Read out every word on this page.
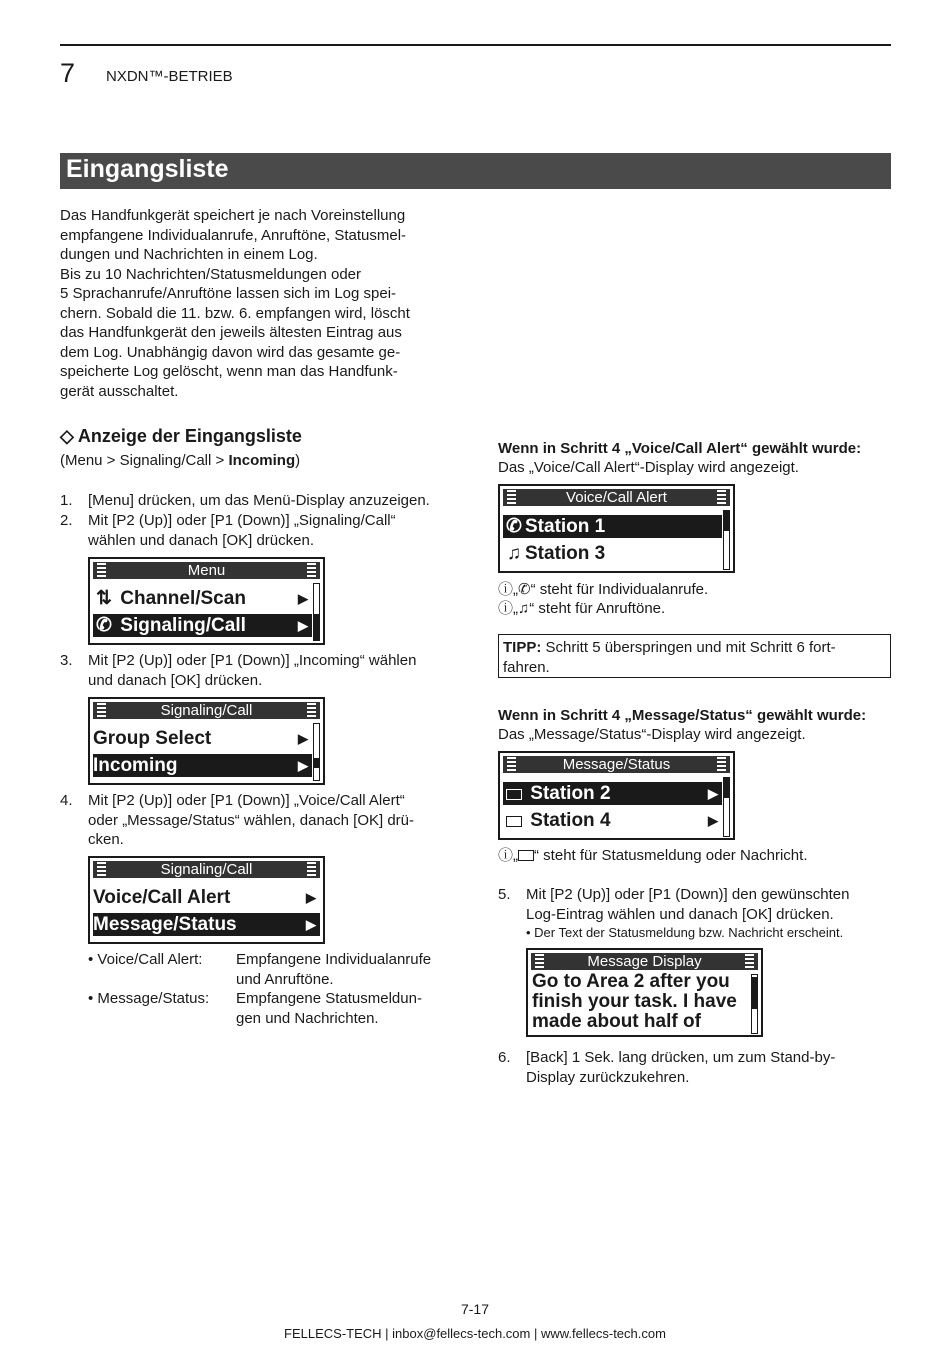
7 NXDN™-BETRIEB
Eingangsliste
Das Handfunkgerät speichert je nach Voreinstellung
empfangene Individualanrufe, Anruftöne, Statusmel-
dungen und Nachrichten in einem Log.
Bis zu 10 Nachrichten/Statusmeldungen oder
5 Sprachanrufe/Anruftöne lassen sich im Log spei-
chern. Sobald die 11. bzw. 6. empfangen wird, löscht
das Handfunkgerät den jeweils ältesten Eintrag aus
dem Log. Unabhängig davon wird das gesamte ge-
speicherte Log gelöscht, wenn man das Handfunk-
gerät ausschaltet.
◇ Anzeige der Eingangsliste
(Menu > Signaling/Call > Incoming)
1. [Menu] drücken, um das Menü-Display anzuzeigen.
2. Mit [P2 (Up)] oder [P1 (Down)] „Signaling/Call“
wählen und danach [OK] drücken.
Menu
⇅ Channel/Scan	▶
✆ Signaling/Call	▶
3. Mit [P2 (Up)] oder [P1 (Down)] „Incoming“ wählen
und danach [OK] drücken.
Signaling/Call
Group Select	▶
Incoming	▶
4. Mit [P2 (Up)] oder [P1 (Down)] „Voice/Call Alert“
oder „Message/Status“ wählen, danach [OK] drü-
cken.
Signaling/Call
Voice/Call Alert	▶
Message/Status	▶
• Voice/Call Alert: Empfangene Individualanrufe
und Anruftöne.
• Message/Status: Empfangene Statusmeldun-
gen und Nachrichten.
Wenn in Schritt 4 „Voice/Call Alert“ gewählt wurde:
Das „Voice/Call Alert“-Display wird angezeigt.
Voice/Call Alert
✆ Station 1
♫ Station 3
ⓘ„✆“ steht für Individualanrufe.
ⓘ„♫“ steht für Anruftöne.
TIPP: Schritt 5 überspringen und mit Schritt 6 fort-
fahren.
Wenn in Schritt 4 „Message/Status“ gewählt wurde:
Das „Message/Status“-Display wird angezeigt.
Message/Status
Station 2	▶
Station 4	▶
ⓘ„ “ steht für Statusmeldung oder Nachricht.
5. Mit [P2 (Up)] oder [P1 (Down)] den gewünschten
Log-Eintrag wählen und danach [OK] drücken.
• Der Text der Statusmeldung bzw. Nachricht erscheint.
Message Display
Go to Area 2 after you
finish your task. I have
made about half of
6. [Back] 1 Sek. lang drücken, um zum Stand-by-
Display zurückzukehren.
7-17
FELLECS-TECH | inbox@fellecs-tech.com | www.fellecs-tech.com
